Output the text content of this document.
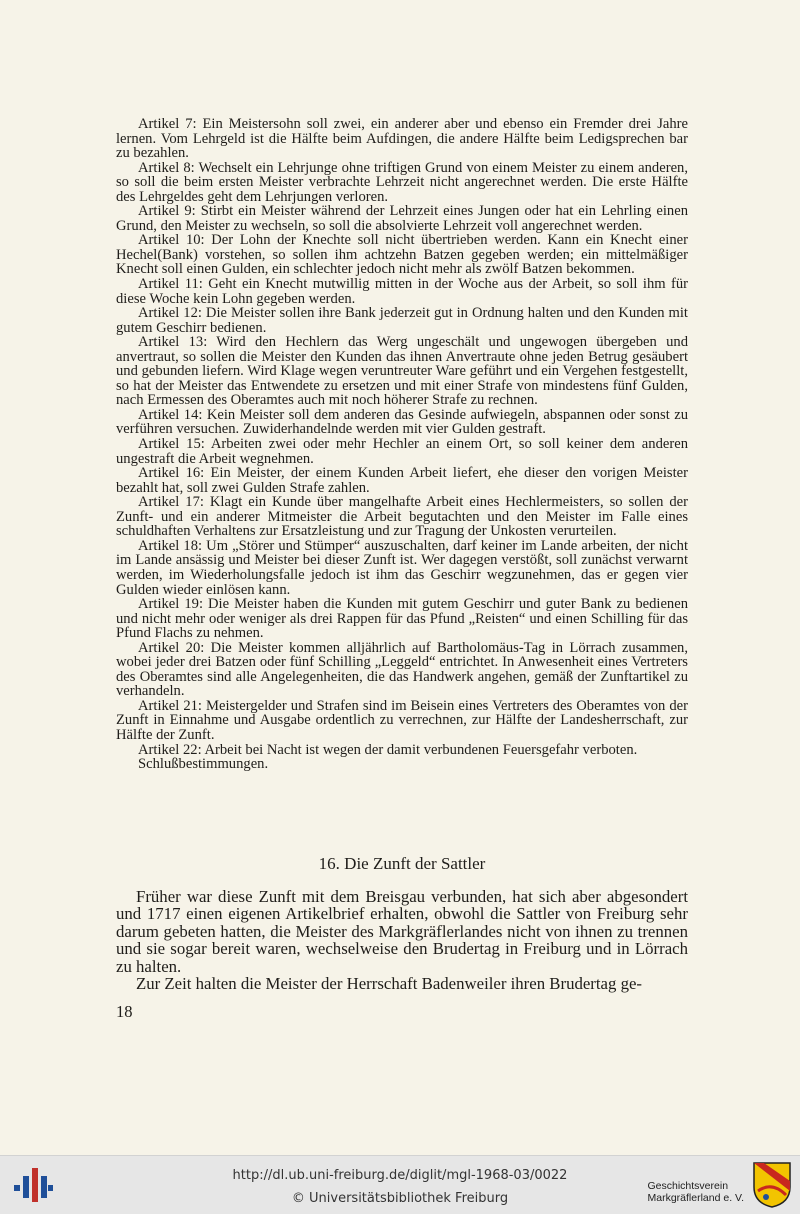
Artikel 7: Ein Meistersohn soll zwei, ein anderer aber und ebenso ein Fremder drei Jahre lernen. Vom Lehrgeld ist die Hälfte beim Aufdingen, die andere Hälfte beim Ledigsprechen bar zu bezahlen.

Artikel 8: Wechselt ein Lehrjunge ohne triftigen Grund von einem Meister zu einem anderen, so soll die beim ersten Meister verbrachte Lehrzeit nicht angerechnet werden. Die erste Hälfte des Lehrgeldes geht dem Lehrjungen verloren.

Artikel 9: Stirbt ein Meister während der Lehrzeit eines Jungen oder hat ein Lehrling einen Grund, den Meister zu wechseln, so soll die absolvierte Lehrzeit voll angerechnet werden.

Artikel 10: Der Lohn der Knechte soll nicht übertrieben werden. Kann ein Knecht einer Hechel(Bank) vorstehen, so sollen ihm achtzehn Batzen gegeben werden; ein mittelmäßiger Knecht soll einen Gulden, ein schlechter jedoch nicht mehr als zwölf Batzen bekommen.

Artikel 11: Geht ein Knecht mutwillig mitten in der Woche aus der Arbeit, so soll ihm für diese Woche kein Lohn gegeben werden.

Artikel 12: Die Meister sollen ihre Bank jederzeit gut in Ordnung halten und den Kunden mit gutem Geschirr bedienen.

Artikel 13: Wird den Hechlern das Werg ungeschält und ungewogen übergeben und anvertraut, so sollen die Meister den Kunden das ihnen Anvertraute ohne jeden Betrug gesäubert und gebunden liefern. Wird Klage wegen veruntreuter Ware geführt und ein Vergehen festgestellt, so hat der Meister das Entwendete zu ersetzen und mit einer Strafe von mindestens fünf Gulden, nach Ermessen des Oberamtes auch mit noch höherer Strafe zu rechnen.

Artikel 14: Kein Meister soll dem anderen das Gesinde aufwiegeln, abspannen oder sonst zu verführen versuchen. Zuwiderhandelnde werden mit vier Gulden gestraft.

Artikel 15: Arbeiten zwei oder mehr Hechler an einem Ort, so soll keiner dem anderen ungestraft die Arbeit wegnehmen.

Artikel 16: Ein Meister, der einem Kunden Arbeit liefert, ehe dieser den vorigen Meister bezahlt hat, soll zwei Gulden Strafe zahlen.

Artikel 17: Klagt ein Kunde über mangelhafte Arbeit eines Hechlermeisters, so sollen der Zunft- und ein anderer Mitmeister die Arbeit begutachten und den Meister im Falle eines schuldhaften Verhaltens zur Ersatzleistung und zur Tragung der Unkosten verurteilen.

Artikel 18: Um „Störer und Stümper“ auszuschalten, darf keiner im Lande arbeiten, der nicht im Lande ansässig und Meister bei dieser Zunft ist. Wer dagegen verstößt, soll zunächst verwarnt werden, im Wiederholungsfalle jedoch ist ihm das Geschirr wegzunehmen, das er gegen vier Gulden wieder einlösen kann.

Artikel 19: Die Meister haben die Kunden mit gutem Geschirr und guter Bank zu bedienen und nicht mehr oder weniger als drei Rappen für das Pfund „Reisten“ und einen Schilling für das Pfund Flachs zu nehmen.

Artikel 20: Die Meister kommen alljährlich auf Bartholomäus-Tag in Lörrach zusammen, wobei jeder drei Batzen oder fünf Schilling „Leggeld“ entrichtet. In Anwesenheit eines Vertreters des Oberamtes sind alle Angelegenheiten, die das Handwerk angehen, gemäß der Zunftartikel zu verhandeln.

Artikel 21: Meistergelder und Strafen sind im Beisein eines Vertreters des Oberamtes von der Zunft in Einnahme und Ausgabe ordentlich zu verrechnen, zur Hälfte der Landesherrschaft, zur Hälfte der Zunft.

Artikel 22: Arbeit bei Nacht ist wegen der damit verbundenen Feuersgefahr verboten.

Schlußbestimmungen.

16. Die Zunft der Sattler

Früher war diese Zunft mit dem Breisgau verbunden, hat sich aber abgesondert und 1717 einen eigenen Artikelbrief erhalten, obwohl die Sattler von Freiburg sehr darum gebeten hatten, die Meister des Markgräflerlandes nicht von ihnen zu trennen und sie sogar bereit waren, wechselweise den Brudertag in Freiburg und in Lörrach zu halten.

Zur Zeit halten die Meister der Herrschaft Badenweiler ihren Brudertag ge-

18
http://dl.ub.uni-freiburg.de/diglit/mgl-1968-03/0022
© Universitätsbibliothek Freiburg
Geschichtsverein
Markgräflerland e. V.
